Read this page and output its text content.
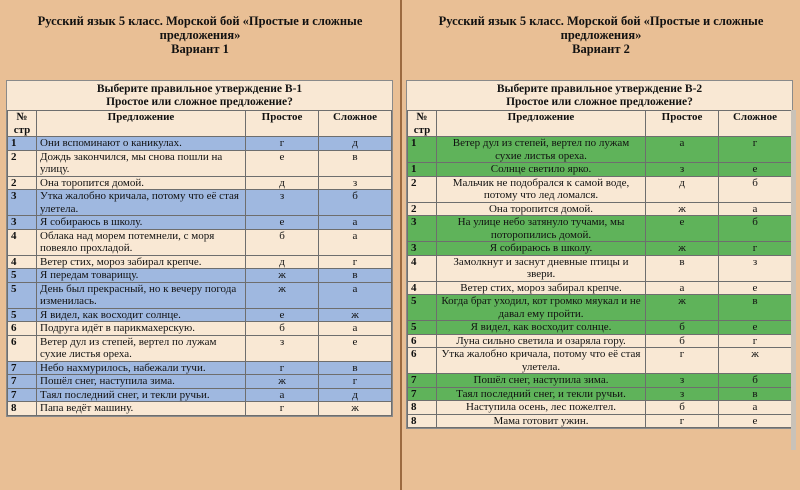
Русский язык 5 класс. Морской бой «Простые и сложные
предложения»
Вариант 1
Выберите правильное утверждение В-1
Простое или сложное предложение?
№ стр	Предложение	Простое	Сложное
1	Они вспоминают о каникулах.	г	д
2	Дождь закончился, мы снова пошли на улицу.	е	в
2	Она торопится домой.	д	з
3	Утка жалобно кричала, потому что её стая улетела.	з	б
3	Я собираюсь в школу.	е	а
4	Облака над морем потемнели, с моря повеяло прохладой.	б	а
4	Ветер стих, мороз забирал крепче.	д	г
5	Я передам товарищу.	ж	в
5	День был прекрасный, но к вечеру погода изменилась.	ж	а
5	Я видел, как восходит солнце.	е	ж
6	Подруга идёт в парикмахерскую.	б	а
6	Ветер дул из степей, вертел по лужам сухие листья ореха.	з	е
7	Небо нахмурилось, набежали тучи.	г	в
7	Пошёл снег, наступила зима.	ж	г
7	Таял последний снег, и текли ручьи.	а	д
8	Папа ведёт машину.	г	ж
Русский язык 5 класс. Морской бой «Простые и сложные
предложения»
Вариант 2
Выберите правильное утверждение В-2
Простое или сложное предложение?
№ стр	Предложение	Простое	Сложное
1	Ветер дул из степей, вертел по лужам сухие листья ореха.	а	г
1	Солнце светило ярко.	з	е
2	Мальчик не подобрался к самой воде, потому что лед ломался.	д	б
2	Она торопится домой.	ж	а
3	На улице небо затянуло тучами, мы поторопились домой.	е	б
3	Я собираюсь в школу.	ж	г
4	Замолкнут и заснут дневные птицы и звери.	в	з
4	Ветер стих, мороз забирал крепче.	а	е
5	Когда брат уходил, кот громко мяукал и не давал ему пройти.	ж	в
5	Я видел, как восходит солнце.	б	е
6	Луна сильно светила и озаряла гору.	б	г
6	Утка жалобно кричала, потому что её стая улетела.	г	ж
7	Пошёл снег, наступила зима.	з	б
7	Таял последний снег, и текли ручьи.	з	в
8	Наступила осень, лес пожелтел.	б	а
8	Мама готовит ужин.	г	е
